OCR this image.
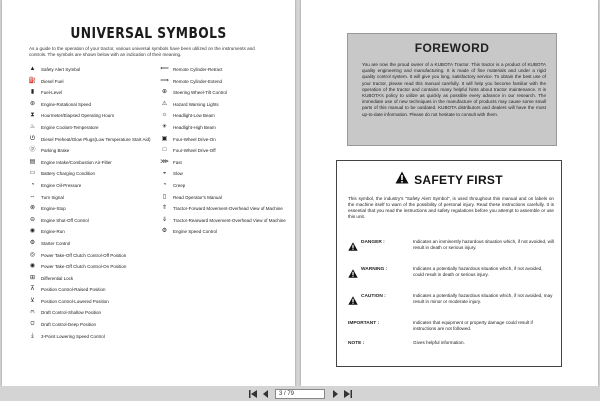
UNIVERSAL SYMBOLS
As a guide to the operation of your tractor, various universal symbols have been utilized on the instruments and controls. The symbols are shown below with an indication of their meaning.
▲	Safety Alert Symbol
⛽ Diesel Fuel
▮	Fuel-Level
⊛	Engine-Rotational Speed
⧗	Hourmeter/Elapsed Operating Hours
♨	Engine Coolant-Temperature
ᘎ	Diesel Preheat/Glow Plugs(Low Temperature Start Aid)
ⓟ	Parking Brake
▤	Engine Intake/Combustion Air-Filter
▭	Battery Charging Condition
◔	Engine Oil-Pressure
⇔	Turn Signal
⊗	Engine-Stop
⊖	Engine Shut-Off Control
◉	Engine-Run
⚙	Starter Control
◎	Power Take-Off Clutch Control-Off Position
◉	Power Take-Off Clutch Control-On Position
⊞	Differential Lock
⊼	Position Control-Raised Position
⊻	Position Control-Lowered Position
⩀	Draft Control-Shallow Position
⩂	Draft Control-Deep Position
⤓	3-Point Lowering Speed Control
⟸ Remote Cylinder-Retract
⟹ Remote Cylinder-Extend
⊕	Steering Wheel-Tilt Control
⚠	Hazard Warning Lights
☼	Headlight-Low Beam
☀	Headlight-High Beam
▣	Four-Wheel Drive-On
□	Four-Wheel Drive-Off
⋙ Fast
◒	Slow
◔	Creep
▯	Read Operator's Manual
⇑	Tractor-Forward Movement-Overhead View of Machine
⇓	Tractor-Rearward Movement-Overhead View of Machine
⚙	Engine Speed Control
FOREWORD
You are now the proud owner of a KUBOTA Tractor. This tractor is a product of KUBOTA quality engineering and manufacturing. It is made of fine materials and under a rigid quality control system. It will give you long, satisfactory service. To obtain the best use of your tractor, please read this manual carefully. It will help you become familiar with the operation of the tractor and contains many helpful hints about tractor maintenance. It is KUBOTA's policy to utilize as quickly as possible every advance in our research. The immediate use of new techniques in the manufacture of products may cause some small parts of this manual to be outdated. KUBOTA distributors and dealers will have the most up-to-date information. Please do not hesitate to consult with them.
SAFETY FIRST
This symbol, the industry's "Safety Alert Symbol", is used throughout this manual and on labels on the machine itself to warn of the possibility of personal injury. Read these instructions carefully. It is essential that you read the instructions and safety regulations before you attempt to assemble or use this unit.
DANGER :	Indicates an imminently hazardous situation which, if not avoided, will result in death or serious injury.
WARNING :	Indicates a potentially hazardous situation which, if not avoided, could result in death or serious injury.
CAUTION :	Indicates a potentially hazardous situation which, if not avoided, may result in minor or moderate injury.
IMPORTANT :	Indicates that equipment or property damage could result if instructions are not followed.
NOTE :	Gives helpful information.
3 / 79
